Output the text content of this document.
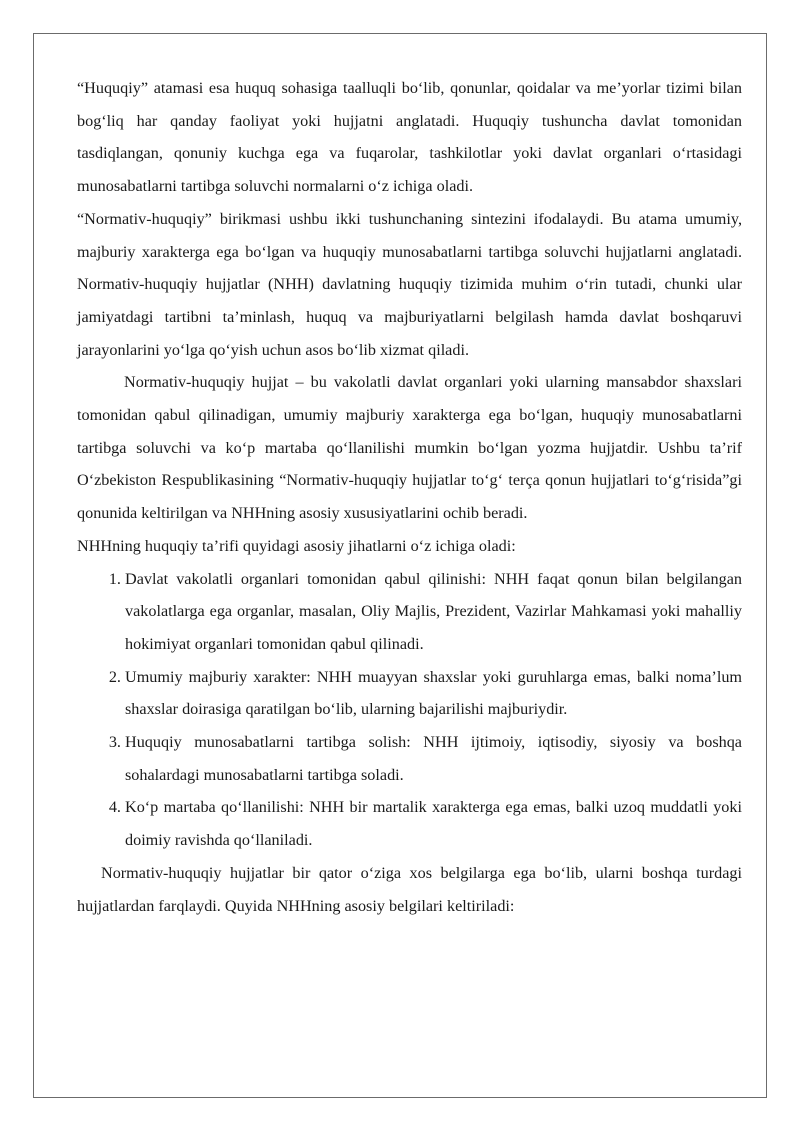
“Huquqiy” atamasi esa huquq sohasiga taalluqli bo‘lib, qonunlar, qoidalar va me’yorlar tizimi bilan bog‘liq har qanday faoliyat yoki hujjatni anglatadi. Huquqiy tushuncha davlat tomonidan tasdiqlangan, qonuniy kuchga ega va fuqarolar, tashkilotlar yoki davlat organlari o‘rtasidagi munosabatlarni tartibga soluvchi normalarni o‘z ichiga oladi.

“Normativ-huquqiy” birikmasi ushbu ikki tushunchaning sintezini ifodalaydi. Bu atama umumiy, majburiy xarakterga ega bo‘lgan va huquqiy munosabatlarni tartibga soluvchi hujjatlarni anglatadi. Normativ-huquqiy hujjatlar (NHH) davlatning huquqiy tizimida muhim o‘rin tutadi, chunki ular jamiyatdagi tartibni ta’minlash, huquq va majburiyatlarni belgilash hamda davlat boshqaruvi jarayonlarini yo‘lga qo‘yish uchun asos bo‘lib xizmat qiladi.

Normativ-huquqiy hujjat – bu vakolatli davlat organlari yoki ularning mansabdor shaxslari tomonidan qabul qilinadigan, umumiy majburiy xarakterga ega bo‘lgan, huquqiy munosabatlarni tartibga soluvchi va ko‘p martaba qo‘llanilishi mumkin bo‘lgan yozma hujjatdir. Ushbu ta’rif O‘zbekiston Respublikasining “Normativ-huquqiy hujjatlar to‘g‘ terça qonun hujjatlari to‘g‘risida”gi qonunida keltirilgan va NHHning asosiy xususiyatlarini ochib beradi.

NHHning huquqiy ta’rifi quyidagi asosiy jihatlarni o‘z ichiga oladi:

1. Davlat vakolatli organlari tomonidan qabul qilinishi: NHH faqat qonun bilan belgilangan vakolatlarga ega organlar, masalan, Oliy Majlis, Prezident, Vazirlar Mahkamasi yoki mahalliy hokimiyat organlari tomonidan qabul qilinadi.
2. Umumiy majburiy xarakter: NHH muayyan shaxslar yoki guruhlarga emas, balki noma’lum shaxslar doirasiga qaratilgan bo‘lib, ularning bajarilishi majburiydir.
3. Huquqiy munosabatlarni tartibga solish: NHH ijtimoiy, iqtisodiy, siyosiy va boshqa sohalardagi munosabatlarni tartibga soladi.
4. Ko‘p martaba qo‘llanilishi: NHH bir martalik xarakterga ega emas, balki uzoq muddatli yoki doimiy ravishda qo‘llaniladi.

Normativ-huquqiy hujjatlar bir qator o‘ziga xos belgilarga ega bo‘lib, ularni boshqa turdagi hujjatlardan farqlaydi. Quyida NHHning asosiy belgilari keltiriladi:
